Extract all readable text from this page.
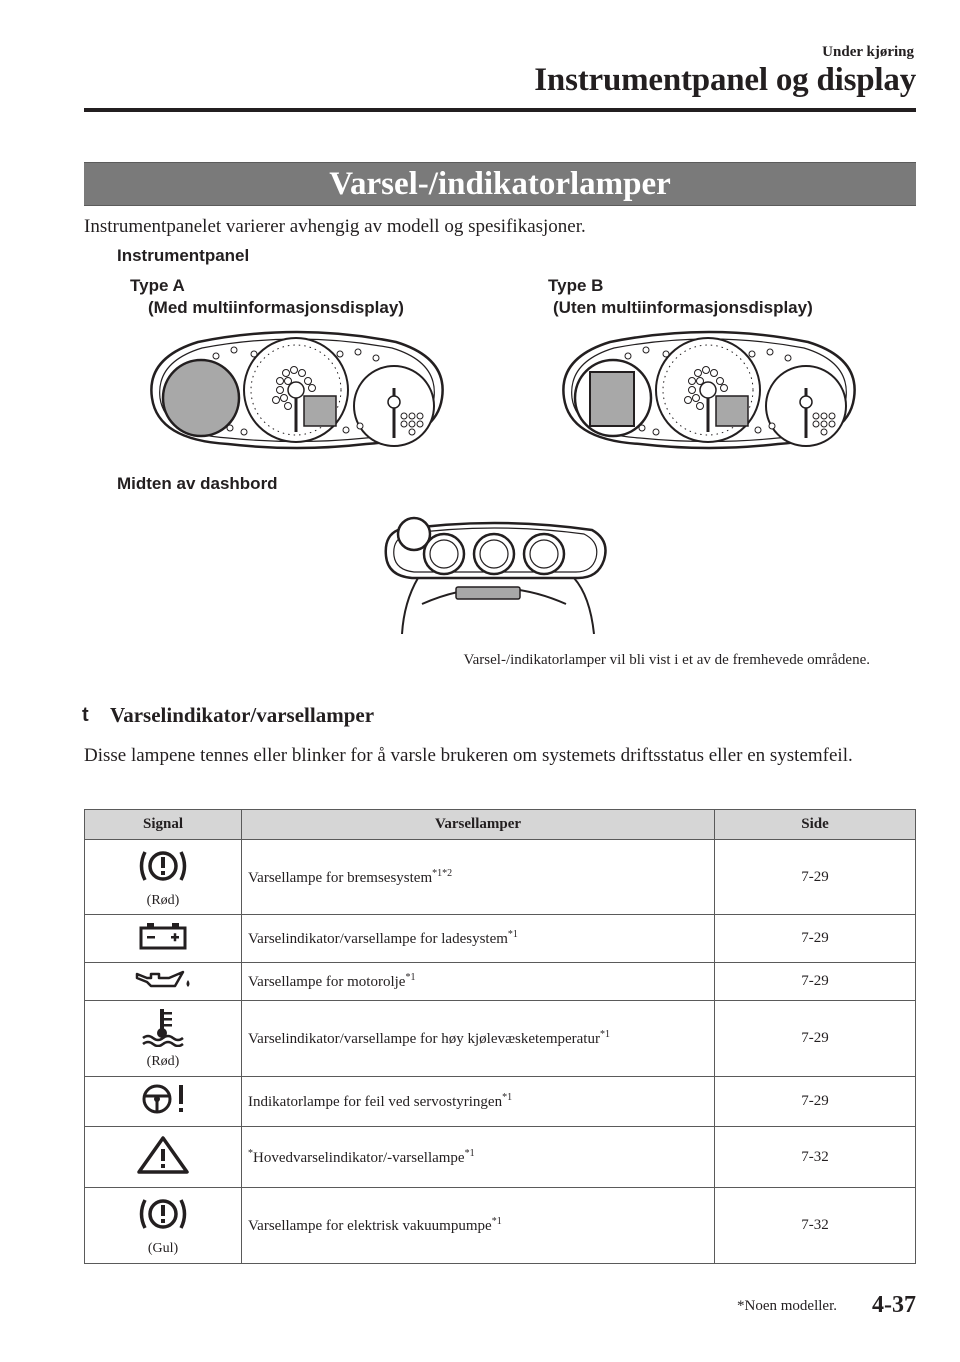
Under kjøring
Instrumentpanel og display
Varsel-/indikatorlamper
Instrumentpanelet varierer avhengig av modell og spesifikasjoner.
Instrumentpanel
Type A
(Med multiinformasjonsdisplay)
Type B
(Uten multiinformasjonsdisplay)
Midten av dashbord
Varsel-/indikatorlamper vil bli vist i et av de fremhevede områdene.
t Varselindikator/varsellamper
Disse lampene tennes eller blinker for å varsle brukeren om systemets driftsstatus eller en systemfeil.
Signal	Varsellamper	Side

(Rød)	Varsellampe for bremsesystem$^{*1*2}$	7-29
	Varselindikator/varsellampe for ladesystem$^{*1}$	7-29
	Varsellampe for motorolje$^{*1}$	7-29

(Rød)	Varselindikator/varsellampe for høy kjølevæsketemperatur$^{*1}$	7-29
	Indikatorlampe for feil ved servostyringen$^{*1}$	7-29
	*Hovedvarselindikator/-varsellampe$^{*1}$	7-32

(Gul)	Varsellampe for elektrisk vakuumpumpe$^{*1}$	7-32
*Noen modeller. 4-37
